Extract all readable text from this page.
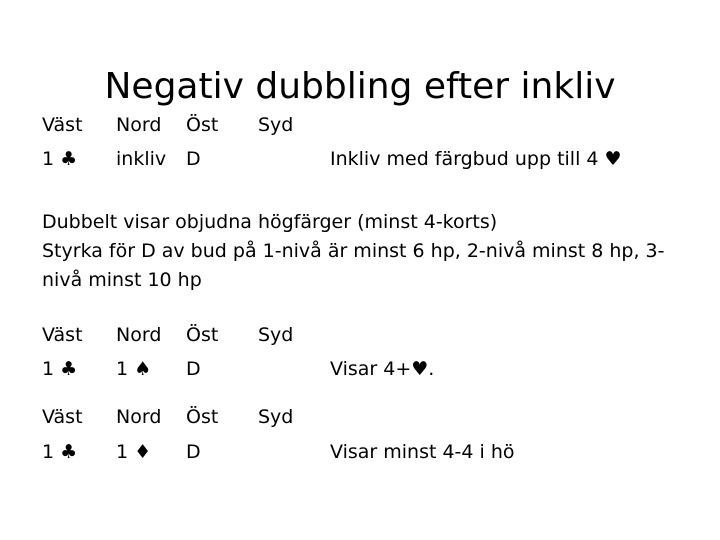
Negativ dubbling efter inkliv
Väst Nord Öst Syd
1 ♣ inkliv D	Inkliv med färgbud upp till 4 ♥
Dubbelt visar objudna högfärger (minst 4-korts)
Styrka för D av bud på 1-nivå är minst 6 hp, 2-nivå minst 8 hp, 3-
nivå minst 10 hp
Väst Nord Öst Syd
1 ♣ 1 ♠ D	Visar 4+♥.
Väst Nord Öst Syd
1 ♣ 1 ♦ D	Visar minst 4-4 i hö
